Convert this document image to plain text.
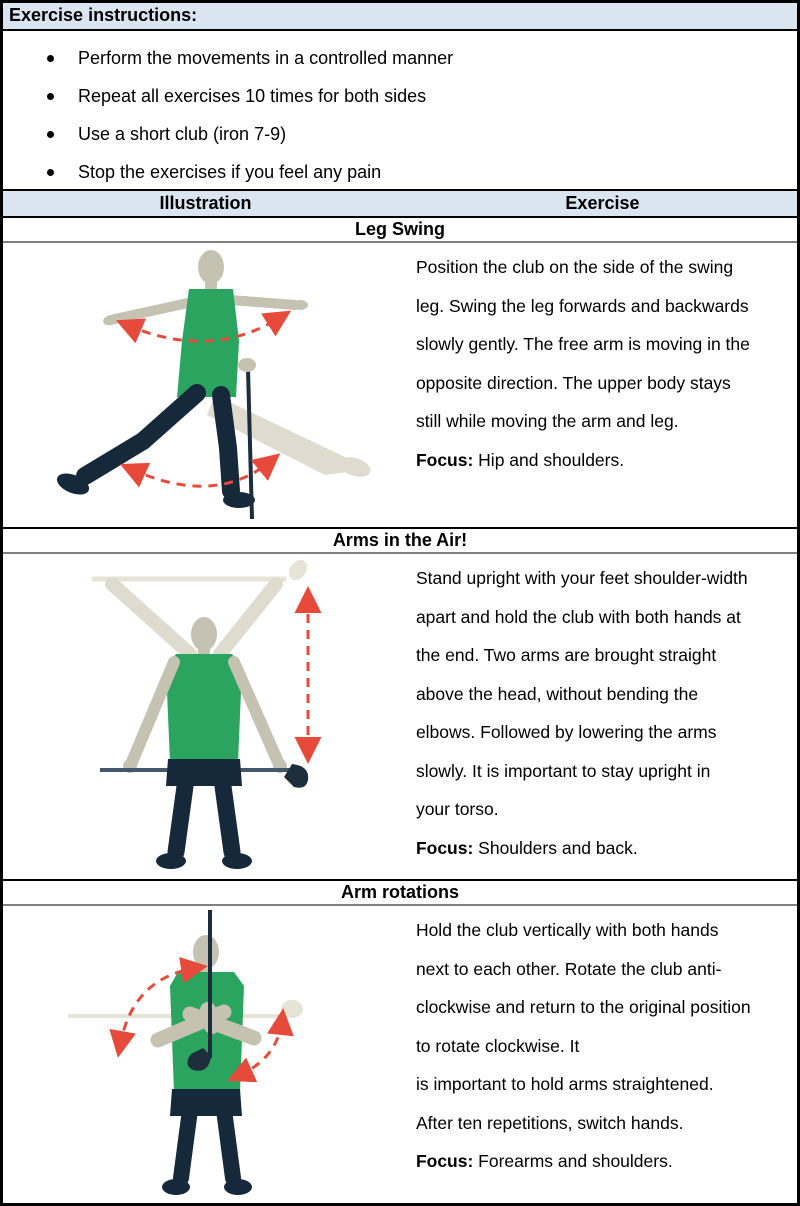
Exercise instructions:
Perform the movements in a controlled manner
Repeat all exercises 10 times for both sides
Use a short club (iron 7-9)
Stop the exercises if you feel any pain
Illustration	Exercise
Leg Swing
Position the club on the side of the swing
leg. Swing the leg forwards and backwards
slowly gently. The free arm is moving in the
opposite direction. The upper body stays
still while moving the arm and leg.
Focus: Hip and shoulders.
Arms in the Air!
Stand upright with your feet shoulder-width
apart and hold the club with both hands at
the end. Two arms are brought straight
above the head, without bending the
elbows. Followed by lowering the arms
slowly. It is important to stay upright in
your torso.
Focus: Shoulders and back.
Arm rotations
Hold the club vertically with both hands
next to each other. Rotate the club anti-
clockwise and return to the original position
to rotate clockwise. It
is important to hold arms straightened.
After ten repetitions, switch hands.
Focus: Forearms and shoulders.
